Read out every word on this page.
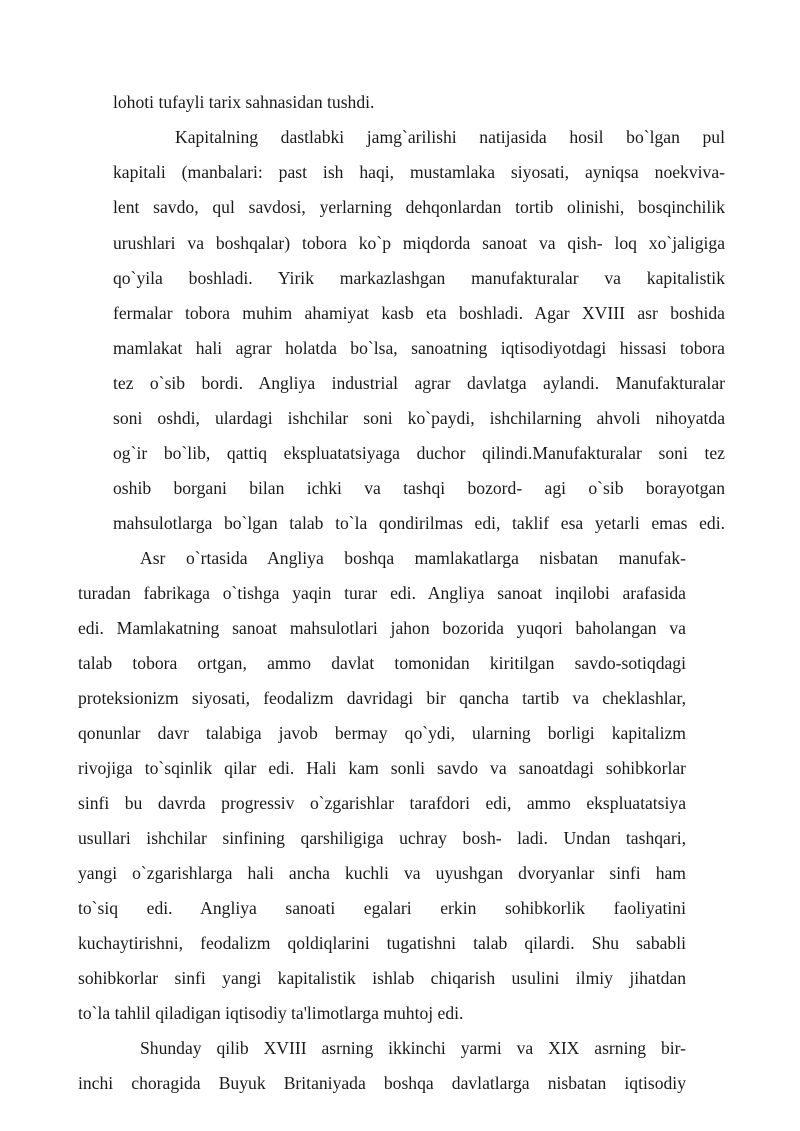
lohoti tufayli tarix sahnasidan tushdi.
Kapitalning dastlabki jamg`arilishi natijasida hosil bo`lgan pul
kapitali (manbalari: past ish haqi, mustamlaka siyosati, ayniqsa noekviva-
lent savdo, qul savdosi, yerlarning dehqonlardan tortib olinishi, bosqinchilik
urushlari va boshqalar) tobora ko`p miqdorda sanoat va qish- loq xo`jaligiga
qo`yila boshladi. Yirik markazlashgan manufakturalar va kapitalistik
fermalar tobora muhim ahamiyat kasb eta boshladi. Agar XVIII asr boshida
mamlakat hali agrar holatda bo`lsa, sanoatning iqtisodiyotdagi hissasi tobora
tez o`sib bordi. Angliya industrial agrar davlatga aylandi. Manufakturalar
soni oshdi, ulardagi ishchilar soni ko`paydi, ishchilarning ahvoli nihoyatda
og`ir bo`lib, qattiq ekspluatatsiyaga duchor qilindi.Manufakturalar soni tez
oshib borgani bilan ichki va tashqi bozord- agi o`sib borayotgan
mahsulotlarga bo`lgan talab to`la qondirilmas edi, taklif esa yetarli emas edi.
Asr o`rtasida Angliya boshqa mamlakatlarga nisbatan manufak-
turadan fabrikaga o`tishga yaqin turar edi. Angliya sanoat inqilobi arafasida
edi. Mamlakatning sanoat mahsulotlari jahon bozorida yuqori baholangan va
talab tobora ortgan, ammo davlat tomonidan kiritilgan savdo-sotiqdagi
proteksionizm siyosati, feodalizm davridagi bir qancha tartib va cheklashlar,
qonunlar davr talabiga javob bermay qo`ydi, ularning borligi kapitalizm
rivojiga to`sqinlik qilar edi. Hali kam sonli savdo va sanoatdagi sohibkorlar
sinfi bu davrda progressiv o`zgarishlar tarafdori edi, ammo ekspluatatsiya
usullari ishchilar sinfining qarshiligiga uchray bosh- ladi. Undan tashqari,
yangi o`zgarishlarga hali ancha kuchli va uyushgan dvoryanlar sinfi ham
to`siq edi. Angliya sanoati egalari erkin sohibkorlik faoliyatini
kuchaytirishni, feodalizm qoldiqlarini tugatishni talab qilardi. Shu sababli
sohibkorlar sinfi yangi kapitalistik ishlab chiqarish usulini ilmiy jihatdan
to`la tahlil qiladigan iqtisodiy ta'limotlarga muhtoj edi.
Shunday qilib XVIII asrning ikkinchi yarmi va XIX asrning bir-
inchi choragida Buyuk Britaniyada boshqa davlatlarga nisbatan iqtisodiy
